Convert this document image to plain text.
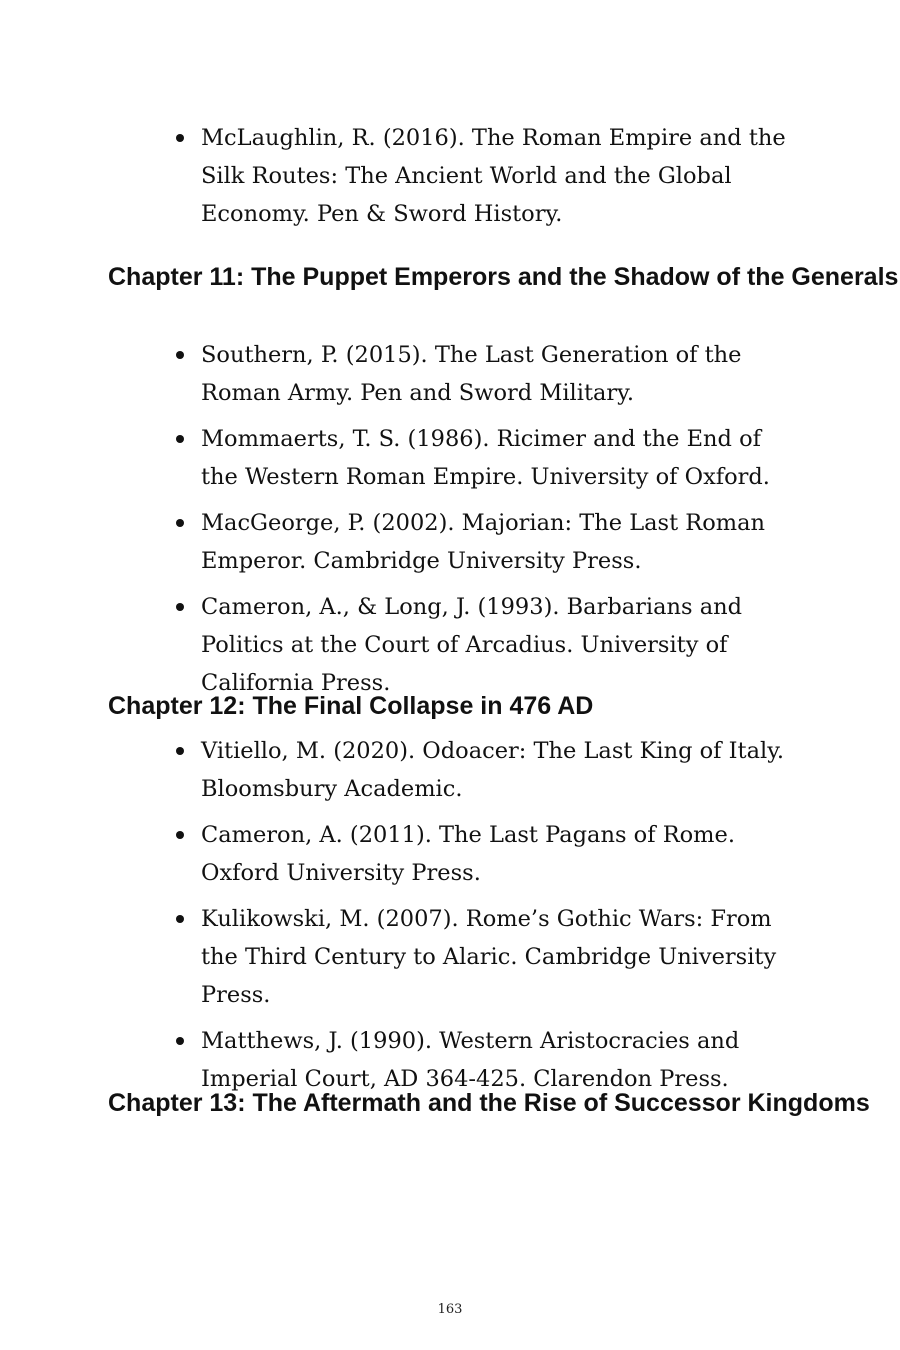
McLaughlin, R. (2016). The Roman Empire and the Silk Routes: The Ancient World and the Global Economy. Pen & Sword History.
Chapter 11: The Puppet Emperors and the Shadow of the Generals
Southern, P. (2015). The Last Generation of the Roman Army. Pen and Sword Military.
Mommaerts, T. S. (1986). Ricimer and the End of the Western Roman Empire. University of Oxford.
MacGeorge, P. (2002). Majorian: The Last Roman Emperor. Cambridge University Press.
Cameron, A., & Long, J. (1993). Barbarians and Politics at the Court of Arcadius. University of California Press.
Chapter 12: The Final Collapse in 476 AD
Vitiello, M. (2020). Odoacer: The Last King of Italy. Bloomsbury Academic.
Cameron, A. (2011). The Last Pagans of Rome. Oxford University Press.
Kulikowski, M. (2007). Rome’s Gothic Wars: From the Third Century to Alaric. Cambridge University Press.
Matthews, J. (1990). Western Aristocracies and Imperial Court, AD 364-425. Clarendon Press.
Chapter 13: The Aftermath and the Rise of Successor Kingdoms
163
